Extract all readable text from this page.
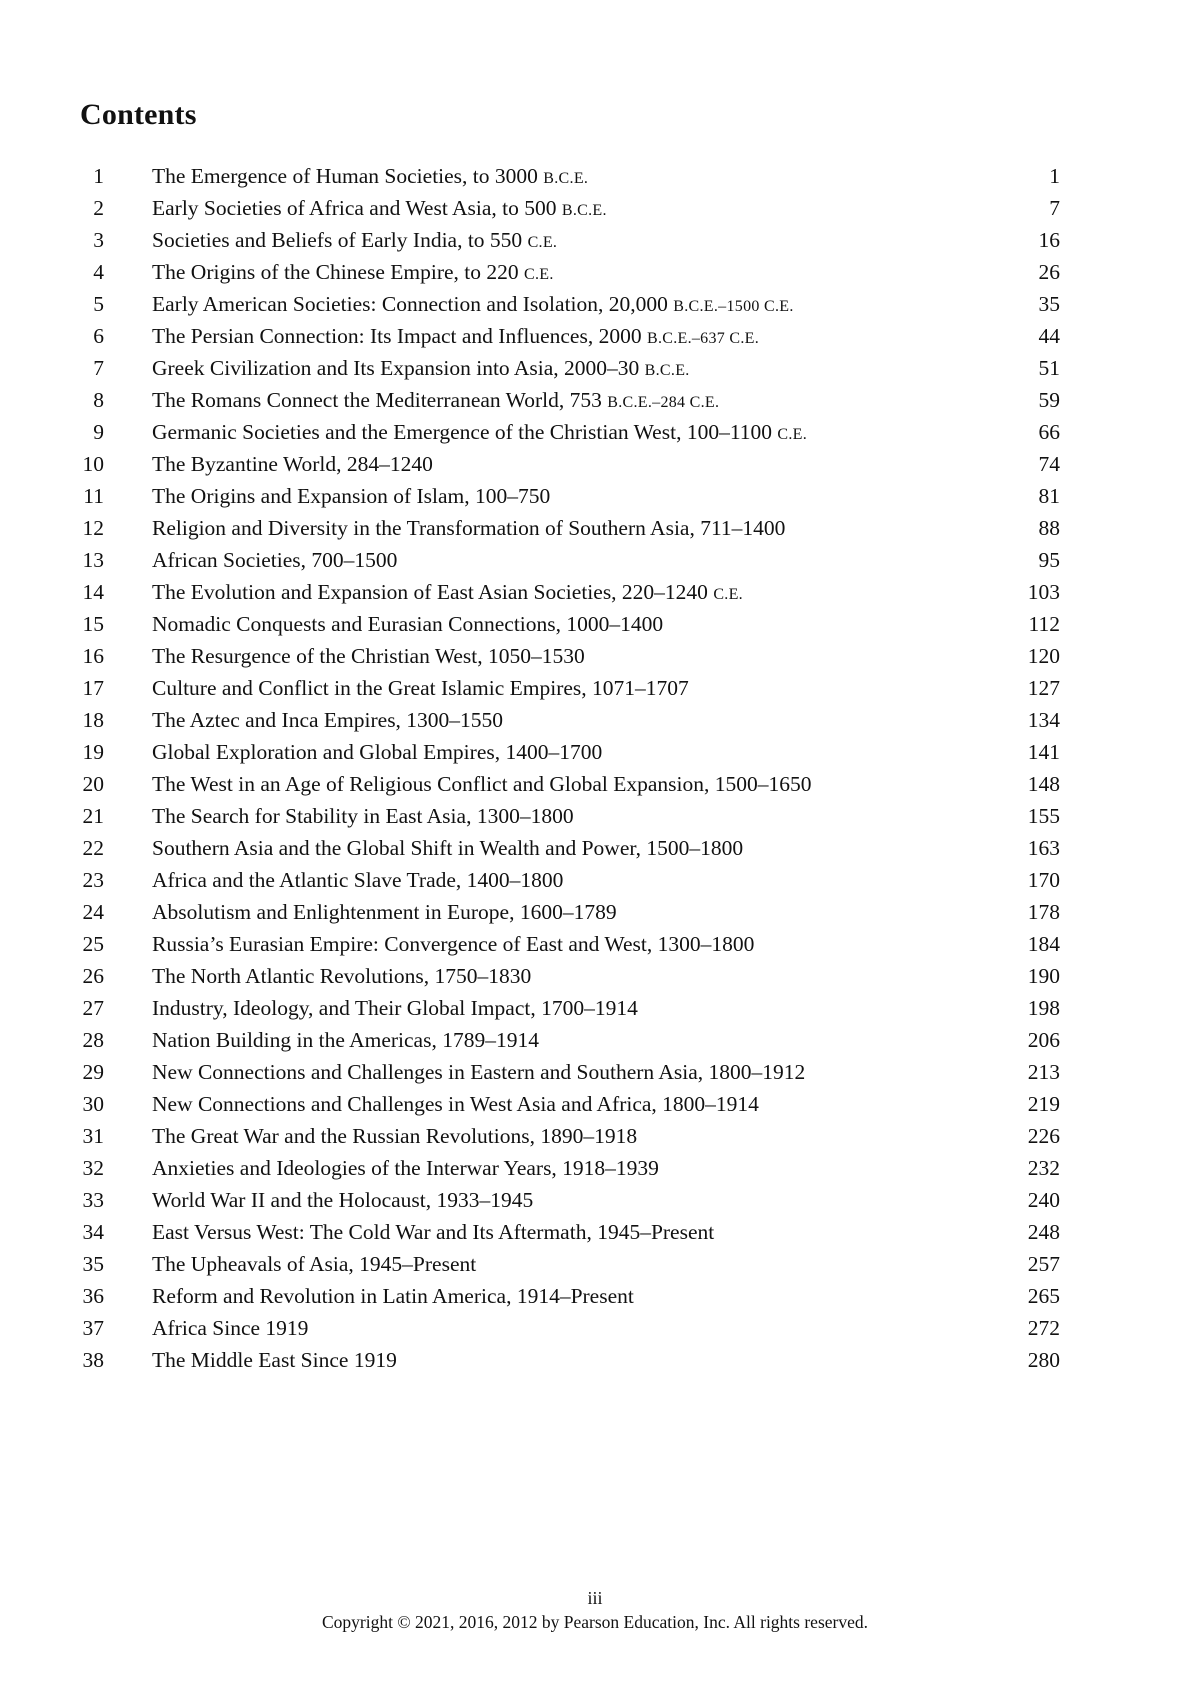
Contents
1 The Emergence of Human Societies, to 3000 B.C.E.	1
2 Early Societies of Africa and West Asia, to 500 B.C.E.	7
3 Societies and Beliefs of Early India, to 550 C.E.	16
4 The Origins of the Chinese Empire, to 220 C.E.	26
5 Early American Societies: Connection and Isolation, 20,000 B.C.E.–1500 C.E.	35
6 The Persian Connection: Its Impact and Influences, 2000 B.C.E.–637 C.E.	44
7 Greek Civilization and Its Expansion into Asia, 2000–30 B.C.E.	51
8 The Romans Connect the Mediterranean World, 753 B.C.E.–284 C.E.	59
9 Germanic Societies and the Emergence of the Christian West, 100–1100 C.E.	66
10 The Byzantine World, 284–1240	74
11 The Origins and Expansion of Islam, 100–750	81
12 Religion and Diversity in the Transformation of Southern Asia, 711–1400	88
13 African Societies, 700–1500	95
14 The Evolution and Expansion of East Asian Societies, 220–1240 C.E.	103
15 Nomadic Conquests and Eurasian Connections, 1000–1400	112
16 The Resurgence of the Christian West, 1050–1530	120
17 Culture and Conflict in the Great Islamic Empires, 1071–1707	127
18 The Aztec and Inca Empires, 1300–1550	134
19 Global Exploration and Global Empires, 1400–1700	141
20 The West in an Age of Religious Conflict and Global Expansion, 1500–1650	148
21 The Search for Stability in East Asia, 1300–1800	155
22 Southern Asia and the Global Shift in Wealth and Power, 1500–1800	163
23 Africa and the Atlantic Slave Trade, 1400–1800	170
24 Absolutism and Enlightenment in Europe, 1600–1789	178
25 Russia’s Eurasian Empire: Convergence of East and West, 1300–1800	184
26 The North Atlantic Revolutions, 1750–1830	190
27 Industry, Ideology, and Their Global Impact, 1700–1914	198
28 Nation Building in the Americas, 1789–1914	206
29 New Connections and Challenges in Eastern and Southern Asia, 1800–1912	213
30 New Connections and Challenges in West Asia and Africa, 1800–1914	219
31 The Great War and the Russian Revolutions, 1890–1918	226
32 Anxieties and Ideologies of the Interwar Years, 1918–1939	232
33 World War II and the Holocaust, 1933–1945	240
34 East Versus West: The Cold War and Its Aftermath, 1945–Present	248
35 The Upheavals of Asia, 1945–Present	257
36 Reform and Revolution in Latin America, 1914–Present	265
37 Africa Since 1919	272
38 The Middle East Since 1919	280
iii
Copyright © 2021, 2016, 2012 by Pearson Education, Inc. All rights reserved.
